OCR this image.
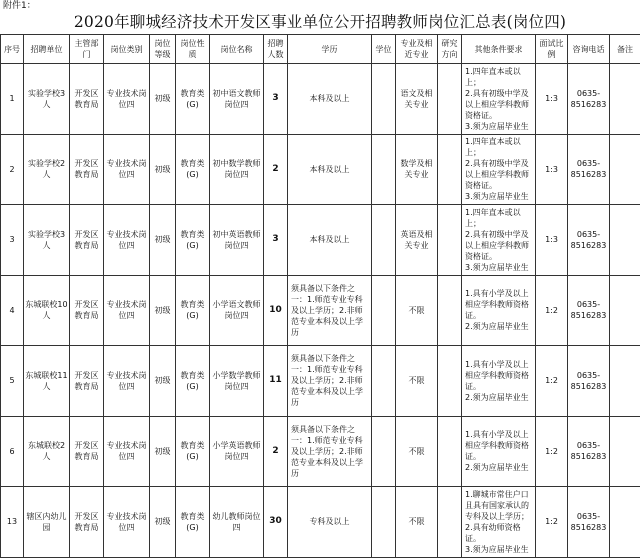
附件1：
2020年聊城经济技术开发区事业单位公开招聘教师岗位汇总表(岗位四)
序号	招聘单位	主管部门	岗位类别	岗位等级	岗位性质	岗位名称	招聘人数	学历	学位	专业及相近专业	研究方向	其他条件要求	面试比例	咨询电话	备注
1	实验学校3人	开发区教育局	专业技术岗位四	初级	教育类(G)	初中语文教师岗位四	3	本科及以上		语文及相关专业		1.四年直本或以上；
2.具有初级中学及以上相应学科教师资格证。
3.须为应届毕业生	1:3	0635-8516283	
2	实验学校2人	开发区教育局	专业技术岗位四	初级	教育类(G)	初中数学教师岗位四	2	本科及以上		数学及相关专业		1.四年直本或以上；
2.具有初级中学及以上相应学科教师资格证。
3.须为应届毕业生	1:3	0635-8516283	
3	实验学校3人	开发区教育局	专业技术岗位四	初级	教育类(G)	初中英语教师岗位四	3	本科及以上		英语及相关专业		1.四年直本或以上；
2.具有初级中学及以上相应学科教师资格证。
3.须为应届毕业生	1:3	0635-8516283	
4	东城联校10人	开发区教育局	专业技术岗位四	初级	教育类(G)	小学语文教师岗位四	10	须具备以下条件之一：1.师范专业专科及以上学历；2.非师范专业本科及以上学历		不限		1.具有小学及以上相应学科教师资格证。
2.须为应届毕业生	1:2	0635-8516283	
5	东城联校11人	开发区教育局	专业技术岗位四	初级	教育类(G)	小学数学教师岗位四	11	须具备以下条件之一：1.师范专业专科及以上学历；2.非师范专业本科及以上学历		不限		1.具有小学及以上相应学科教师资格证。
2.须为应届毕业生	1:2	0635-8516283	
6	东城联校2人	开发区教育局	专业技术岗位四	初级	教育类(G)	小学英语教师岗位四	2	须具备以下条件之一：1.师范专业专科及以上学历；2.非师范专业本科及以上学历		不限		1.具有小学及以上相应学科教师资格证。
2.须为应届毕业生	1:2	0635-8516283	
13	辖区内幼儿园	开发区教育局	专业技术岗位四	初级	教育类(G)	幼儿教师岗位四	30	专科及以上		不限		1.聊城市常住户口且具有国家承认的专科及以上学历；
2.具有幼师资格证。
3.须为应届毕业生	1:2	0635-8516283	
